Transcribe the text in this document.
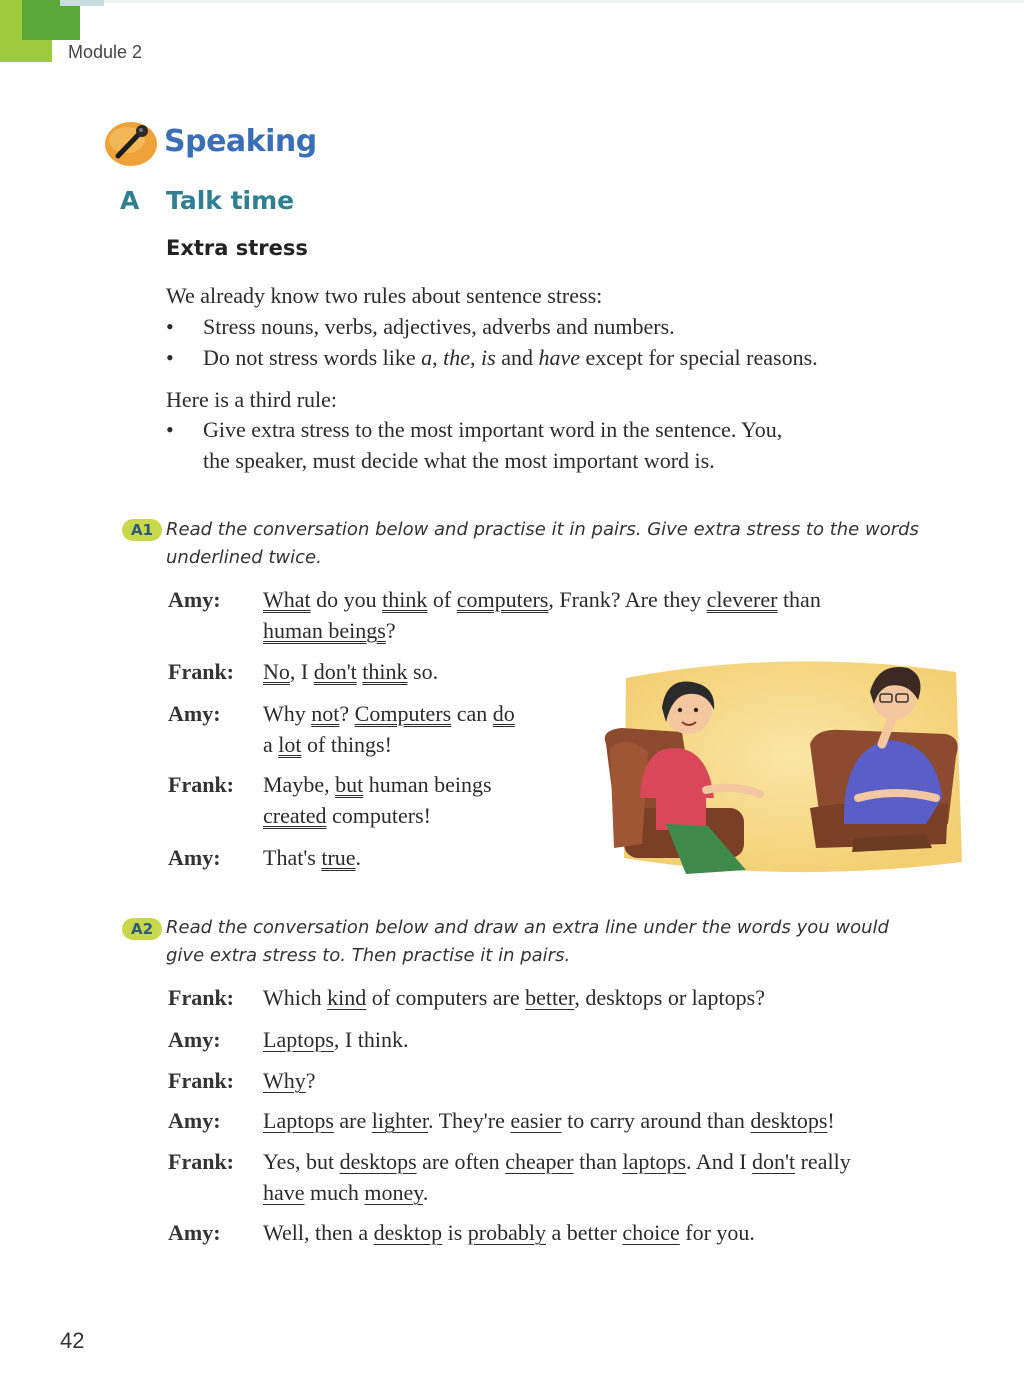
Module 2
Speaking
A Talk time
Extra stress
We already know two rules about sentence stress:
• Stress nouns, verbs, adjectives, adverbs and numbers.
• Do not stress words like a, the, is and have except for special reasons.
Here is a third rule:
• Give extra stress to the most important word in the sentence. You,
the speaker, must decide what the most important word is.
A1 Read the conversation below and practise it in pairs. Give extra stress to the words
underlined twice.
Amy: What do you think of computers, Frank? Are they cleverer than
human beings?
Frank: No, I don't think so.
Amy: Why not? Computers can do
a lot of things!
Frank: Maybe, but human beings
created computers!
Amy: That's true.
A2 Read the conversation below and draw an extra line under the words you would
give extra stress to. Then practise it in pairs.
Frank: Which kind of computers are better, desktops or laptops?
Amy: Laptops, I think.
Frank: Why?
Amy: Laptops are lighter. They're easier to carry around than desktops!
Frank: Yes, but desktops are often cheaper than laptops. And I don't really
have much money.
Amy: Well, then a desktop is probably a better choice for you.
42
